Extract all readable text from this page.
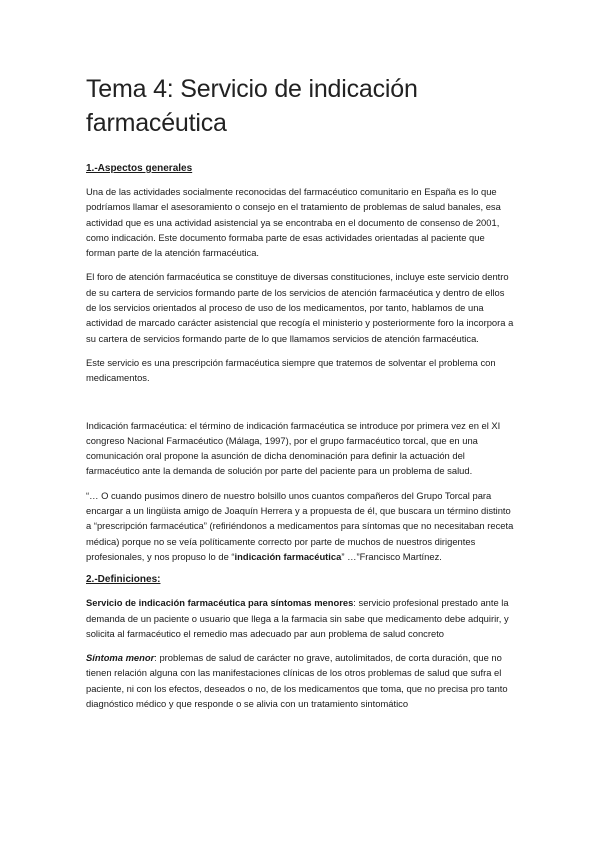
Tema 4: Servicio de indicación farmacéutica
1.-Aspectos generales

Una de las actividades socialmente reconocidas del farmacéutico comunitario en España es lo que podríamos llamar el asesoramiento o consejo en el tratamiento de problemas de salud banales, esa actividad que es una actividad asistencial ya se encontraba en el documento de consenso de 2001, como indicación. Este documento formaba parte de esas actividades orientadas al paciente que forman parte de la atención farmacéutica.

El foro de atención farmacéutica se constituye de diversas constituciones, incluye este servicio dentro de su cartera de servicios formando parte de los servicios de atención farmacéutica y dentro de ellos de los servicios orientados al proceso de uso de los medicamentos, por tanto, hablamos de una actividad de marcado carácter asistencial que recogía el ministerio y posteriormente foro la incorpora a su cartera de servicios formando parte de lo que llamamos servicios de atención farmacéutica.

Este servicio es una prescripción farmacéutica siempre que tratemos de solventar el problema con medicamentos.

Indicación farmacéutica: el término de indicación farmacéutica se introduce por primera vez en el XI congreso Nacional Farmacéutico (Málaga, 1997), por el grupo farmacéutico torcal, que en una comunicación oral propone la asunción de dicha denominación para definir la actuación del farmacéutico ante la demanda de solución por parte del paciente para un problema de salud.

“… O cuando pusimos dinero de nuestro bolsillo unos cuantos compañeros del Grupo Torcal para encargar a un lingüista amigo de Joaquín Herrera y a propuesta de él, que buscara un término distinto a “prescripción farmacéutica” (refiriéndonos a medicamentos para síntomas que no necesitaban receta médica) porque no se veía políticamente correcto por parte de muchos de nuestros dirigentes profesionales, y nos propuso lo de “indicación farmacéutica” …”Francisco Martínez.

2.-Definiciones:

Servicio de indicación farmacéutica para síntomas menores: servicio profesional prestado ante la demanda de un paciente o usuario que llega a la farmacia sin sabe que medicamento debe adquirir, y solicita al farmacéutico el remedio mas adecuado par aun problema de salud concreto

Síntoma menor: problemas de salud de carácter no grave, autolimitados, de corta duración, que no tienen relación alguna con las manifestaciones clínicas de los otros problemas de salud que sufra el paciente, ni con los efectos, deseados o no, de los medicamentos que toma, que no precisa pro tanto diagnóstico médico y que responde o se alivia con un tratamiento sintomático
